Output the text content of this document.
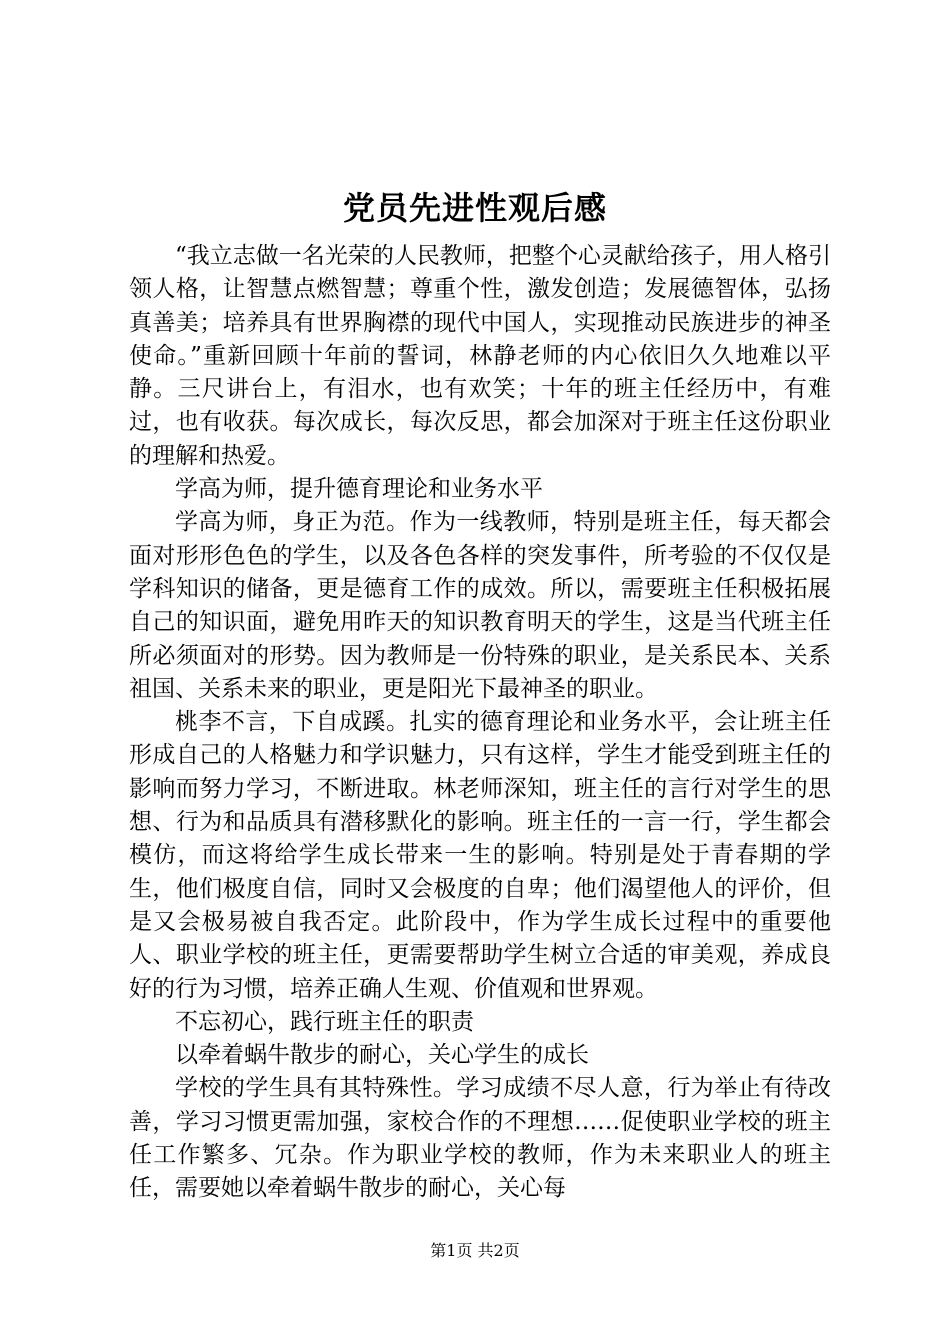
党员先进性观后感

“我立志做一名光荣的人民教师，把整个心灵献给孩子，用人格引领人格，让智慧点燃智慧；尊重个性，激发创造；发展德智体，弘扬真善美；培养具有世界胸襟的现代中国人，实现推动民族进步的神圣使命。”重新回顾十年前的誓词，林静老师的内心依旧久久地难以平静。三尺讲台上，有泪水，也有欢笑；十年的班主任经历中，有难过，也有收获。每次成长，每次反思，都会加深对于班主任这份职业的理解和热爱。

学高为师，提升德育理论和业务水平

学高为师，身正为范。作为一线教师，特别是班主任，每天都会面对形形色色的学生，以及各色各样的突发事件，所考验的不仅仅是学科知识的储备，更是德育工作的成效。所以，需要班主任积极拓展自己的知识面，避免用昨天的知识教育明天的学生，这是当代班主任所必须面对的形势。因为教师是一份特殊的职业，是关系民本、关系祖国、关系未来的职业，更是阳光下最神圣的职业。

桃李不言，下自成蹊。扎实的德育理论和业务水平，会让班主任形成自己的人格魅力和学识魅力，只有这样，学生才能受到班主任的影响而努力学习，不断进取。林老师深知，班主任的言行对学生的思想、行为和品质具有潜移默化的影响。班主任的一言一行，学生都会模仿，而这将给学生成长带来一生的影响。特别是处于青春期的学生，他们极度自信，同时又会极度的自卑；他们渴望他人的评价，但是又会极易被自我否定。此阶段中，作为学生成长过程中的重要他人、职业学校的班主任，更需要帮助学生树立合适的审美观，养成良好的行为习惯，培养正确人生观、价值观和世界观。

不忘初心，践行班主任的职责

以牵着蜗牛散步的耐心，关心学生的成长

学校的学生具有其特殊性。学习成绩不尽人意，行为举止有待改善，学习习惯更需加强，家校合作的不理想……促使职业学校的班主任工作繁多、冗杂。作为职业学校的教师，作为未来职业人的班主任，需要她以牵着蜗牛散步的耐心，关心每

第1页 共2页
